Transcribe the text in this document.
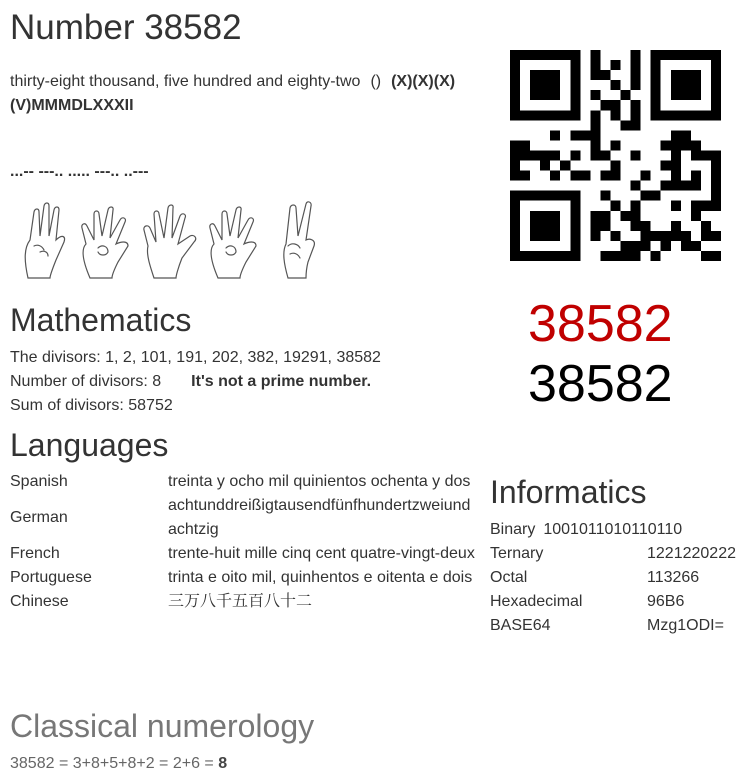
Number 38582
thirty-eight thousand, five hundred and eighty-two () (X)(X)(X)(V)MMMDLXXXII
...-- ---.. ..... ---.. ..---
38582
38582
Mathematics
The divisors: 1, 2, 101, 191, 202, 382, 19291, 38582
Number of divisors: 8 It's not a prime number.
Sum of divisors: 58752
Languages
Spanish	treinta y ocho mil quinientos ochenta y dos
German	achtunddreißigtausendfünfhundertzweiundachtzig
French	trente-huit mille cinq cent quatre-vingt-deux
Portuguese	trinta e oito mil, quinhentos e oitenta e dois
Chinese	三万八千五百八十二
Informatics
Binary 1001011010110110
Ternary	1221220222
Octal	113266
Hexadecimal	96B6
BASE64	Mzg1ODI=
Classical numerology
38582 = 3+8+5+8+2 = 2+6 = 8
